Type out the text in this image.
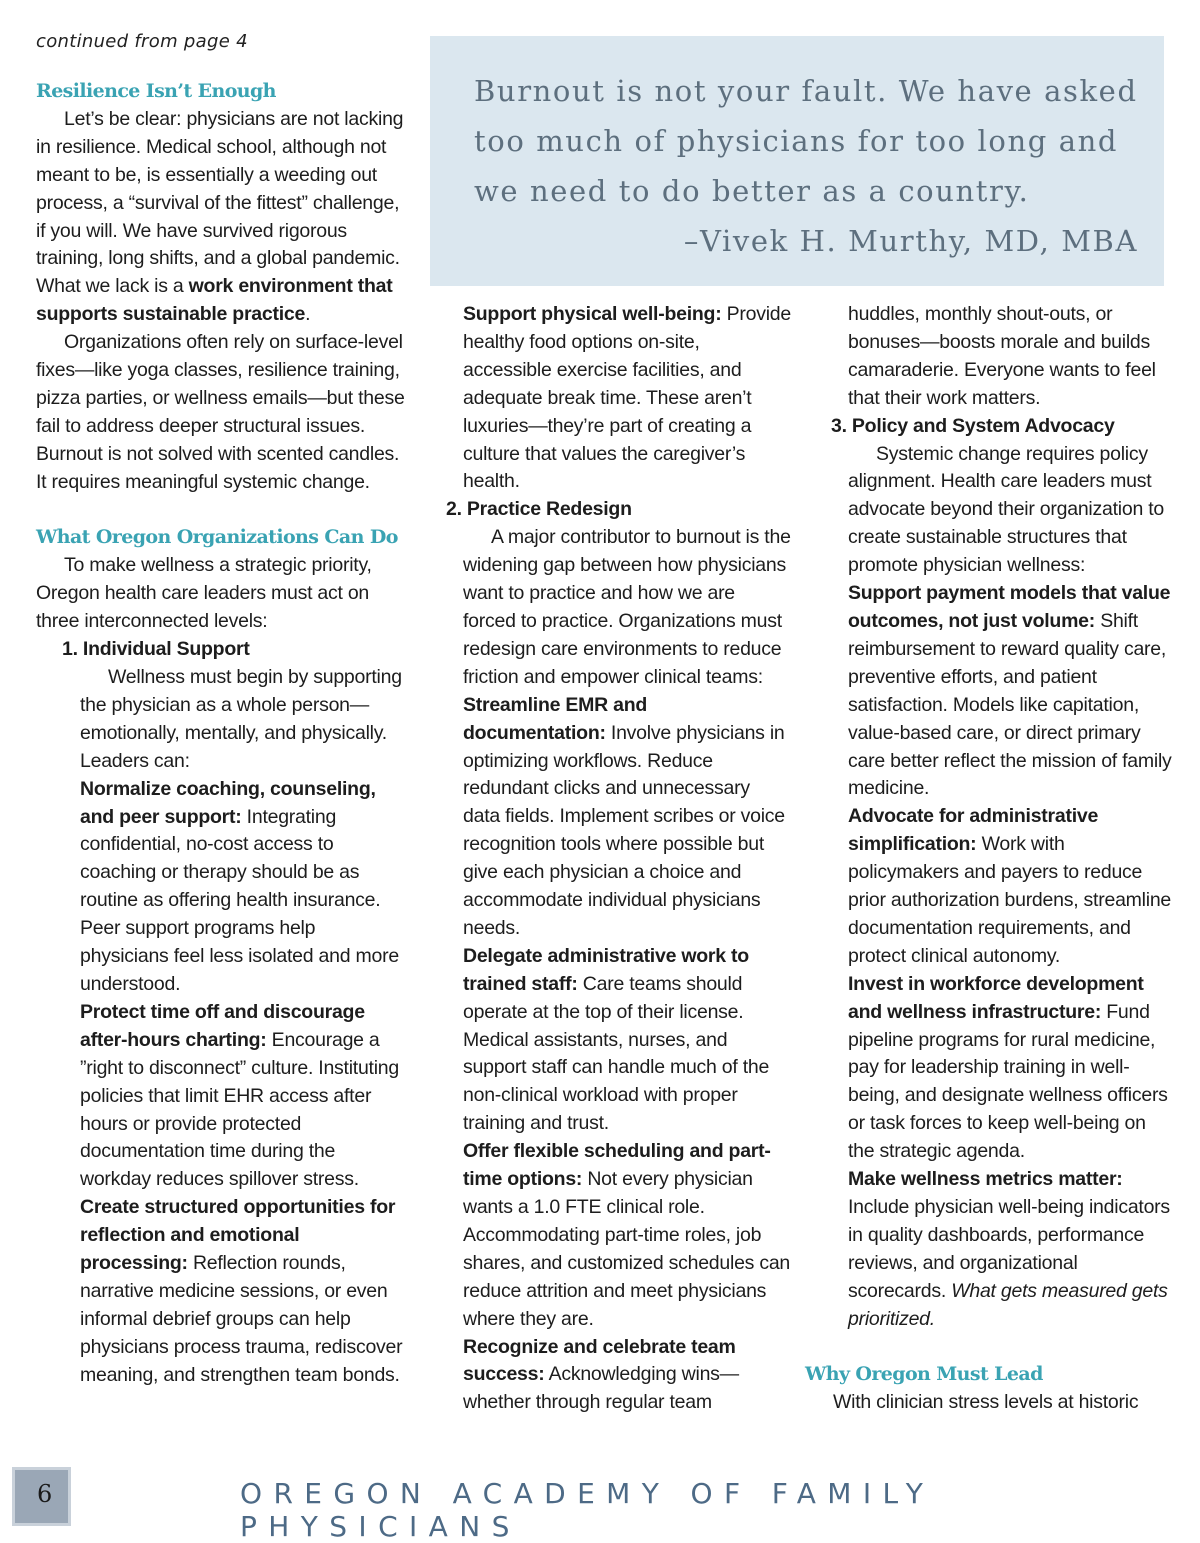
continued from page 4

Burnout is not your fault. We have asked too much of physicians for too long and we need to do better as a country.

–Vivek H. Murthy, MD, MBA

Resilience Isn’t Enough

Let’s be clear: physicians are not lacking in resilience. Medical school, although not meant to be, is essentially a weeding out process, a “survival of the fittest” challenge, if you will. We have survived rigorous training, long shifts, and a global pandemic. What we lack is a work environment that supports sustainable practice.

Organizations often rely on surface-level fixes—like yoga classes, resilience training, pizza parties, or wellness emails—but these fail to address deeper structural issues. Burnout is not solved with scented candles. It requires meaningful systemic change.

What Oregon Organizations Can Do

To make wellness a strategic priority, Oregon health care leaders must act on three interconnected levels:

1. Individual Support

Wellness must begin by supporting the physician as a whole person—emotionally, mentally, and physically. Leaders can:

Normalize coaching, counseling, and peer support: Integrating confidential, no-cost access to coaching or therapy should be as routine as offering health insurance. Peer support programs help physicians feel less isolated and more understood.

Protect time off and discourage after-hours charting: Encourage a ”right to disconnect” culture. Instituting policies that limit EHR access after hours or provide protected documentation time during the workday reduces spillover stress.

Create structured opportunities for reflection and emotional processing: Reflection rounds, narrative medicine sessions, or even informal debrief groups can help physicians process trauma, rediscover meaning, and strengthen team bonds.

Support physical well-being: Provide healthy food options on-site, accessible exercise facilities, and adequate break time. These aren’t luxuries—they’re part of creating a culture that values the caregiver’s health.

2. Practice Redesign

A major contributor to burnout is the widening gap between how physicians want to practice and how we are forced to practice. Organizations must redesign care environments to reduce friction and empower clinical teams:

Streamline EMR and documentation: Involve physicians in optimizing workflows. Reduce redundant clicks and unnecessary data fields. Implement scribes or voice recognition tools where possible but give each physician a choice and accommodate individual physicians needs.

Delegate administrative work to trained staff: Care teams should operate at the top of their license. Medical assistants, nurses, and support staff can handle much of the non-clinical workload with proper training and trust.

Offer flexible scheduling and part-time options: Not every physician wants a 1.0 FTE clinical role. Accommodating part-time roles, job shares, and customized schedules can reduce attrition and meet physicians where they are.

Recognize and celebrate team success: Acknowledging wins—whether through regular team

huddles, monthly shout-outs, or bonuses—boosts morale and builds camaraderie. Everyone wants to feel that their work matters.

3. Policy and System Advocacy

Systemic change requires policy alignment. Health care leaders must advocate beyond their organization to create sustainable structures that promote physician wellness:

Support payment models that value outcomes, not just volume: Shift reimbursement to reward quality care, preventive efforts, and patient satisfaction. Models like capitation, value-based care, or direct primary care better reflect the mission of family medicine.

Advocate for administrative simplification: Work with policymakers and payers to reduce prior authorization burdens, streamline documentation requirements, and protect clinical autonomy.

Invest in workforce development and wellness infrastructure: Fund pipeline programs for rural medicine, pay for leadership training in well-being, and designate wellness officers or task forces to keep well-being on the strategic agenda.

Make wellness metrics matter: Include physician well-being indicators in quality dashboards, performance reviews, and organizational scorecards. What gets measured gets prioritized.

Why Oregon Must Lead

With clinician stress levels at historic

6	OREGON ACADEMY OF FAMILY PHYSICIANS
